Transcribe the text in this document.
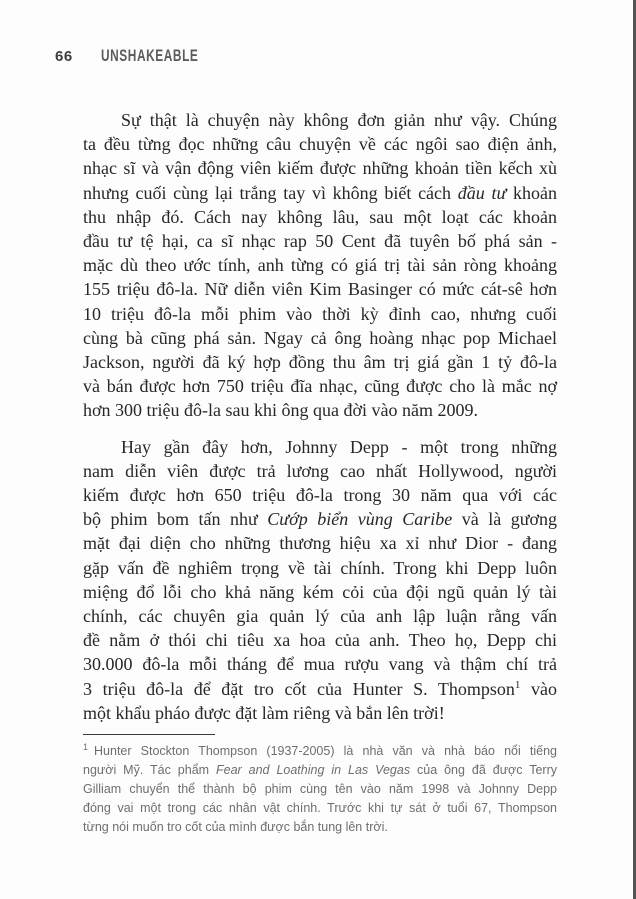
66 UNSHAKEABLE
Sự thật là chuyện này không đơn giản như vậy. Chúng
ta đều từng đọc những câu chuyện về các ngôi sao điện ảnh,
nhạc sĩ và vận động viên kiếm được những khoản tiền kếch xù
nhưng cuối cùng lại trắng tay vì không biết cách đầu tư khoản
thu nhập đó. Cách nay không lâu, sau một loạt các khoản
đầu tư tệ hại, ca sĩ nhạc rap 50 Cent đã tuyên bố phá sản -
mặc dù theo ước tính, anh từng có giá trị tài sản ròng khoảng
155 triệu đô-la. Nữ diễn viên Kim Basinger có mức cát-sê hơn
10 triệu đô-la mỗi phim vào thời kỳ đỉnh cao, nhưng cuối
cùng bà cũng phá sản. Ngay cả ông hoàng nhạc pop Michael
Jackson, người đã ký hợp đồng thu âm trị giá gần 1 tỷ đô-la
và bán được hơn 750 triệu đĩa nhạc, cũng được cho là mắc nợ
hơn 300 triệu đô-la sau khi ông qua đời vào năm 2009.
Hay gần đây hơn, Johnny Depp - một trong những
nam diễn viên được trả lương cao nhất Hollywood, người
kiếm được hơn 650 triệu đô-la trong 30 năm qua với các
bộ phim bom tấn như Cướp biển vùng Caribe và là gương
mặt đại diện cho những thương hiệu xa xỉ như Dior - đang
gặp vấn đề nghiêm trọng về tài chính. Trong khi Depp luôn
miệng đổ lỗi cho khả năng kém cỏi của đội ngũ quản lý tài
chính, các chuyên gia quản lý của anh lập luận rằng vấn
đề nằm ở thói chi tiêu xa hoa của anh. Theo họ, Depp chi
30.000 đô-la mỗi tháng để mua rượu vang và thậm chí trả
3 triệu đô-la để đặt tro cốt của Hunter S. Thompson$^1$ vào
một khẩu pháo được đặt làm riêng và bắn lên trời!
$^1$ Hunter Stockton Thompson (1937-2005) là nhà văn và nhà báo nổi tiếng
người Mỹ. Tác phẩm Fear and Loathing in Las Vegas của ông đã được Terry
Gilliam chuyển thể thành bộ phim cùng tên vào năm 1998 và Johnny Depp
đóng vai một trong các nhân vật chính. Trước khi tự sát ở tuổi 67, Thompson
từng nói muốn tro cốt của mình được bắn tung lên trời.
